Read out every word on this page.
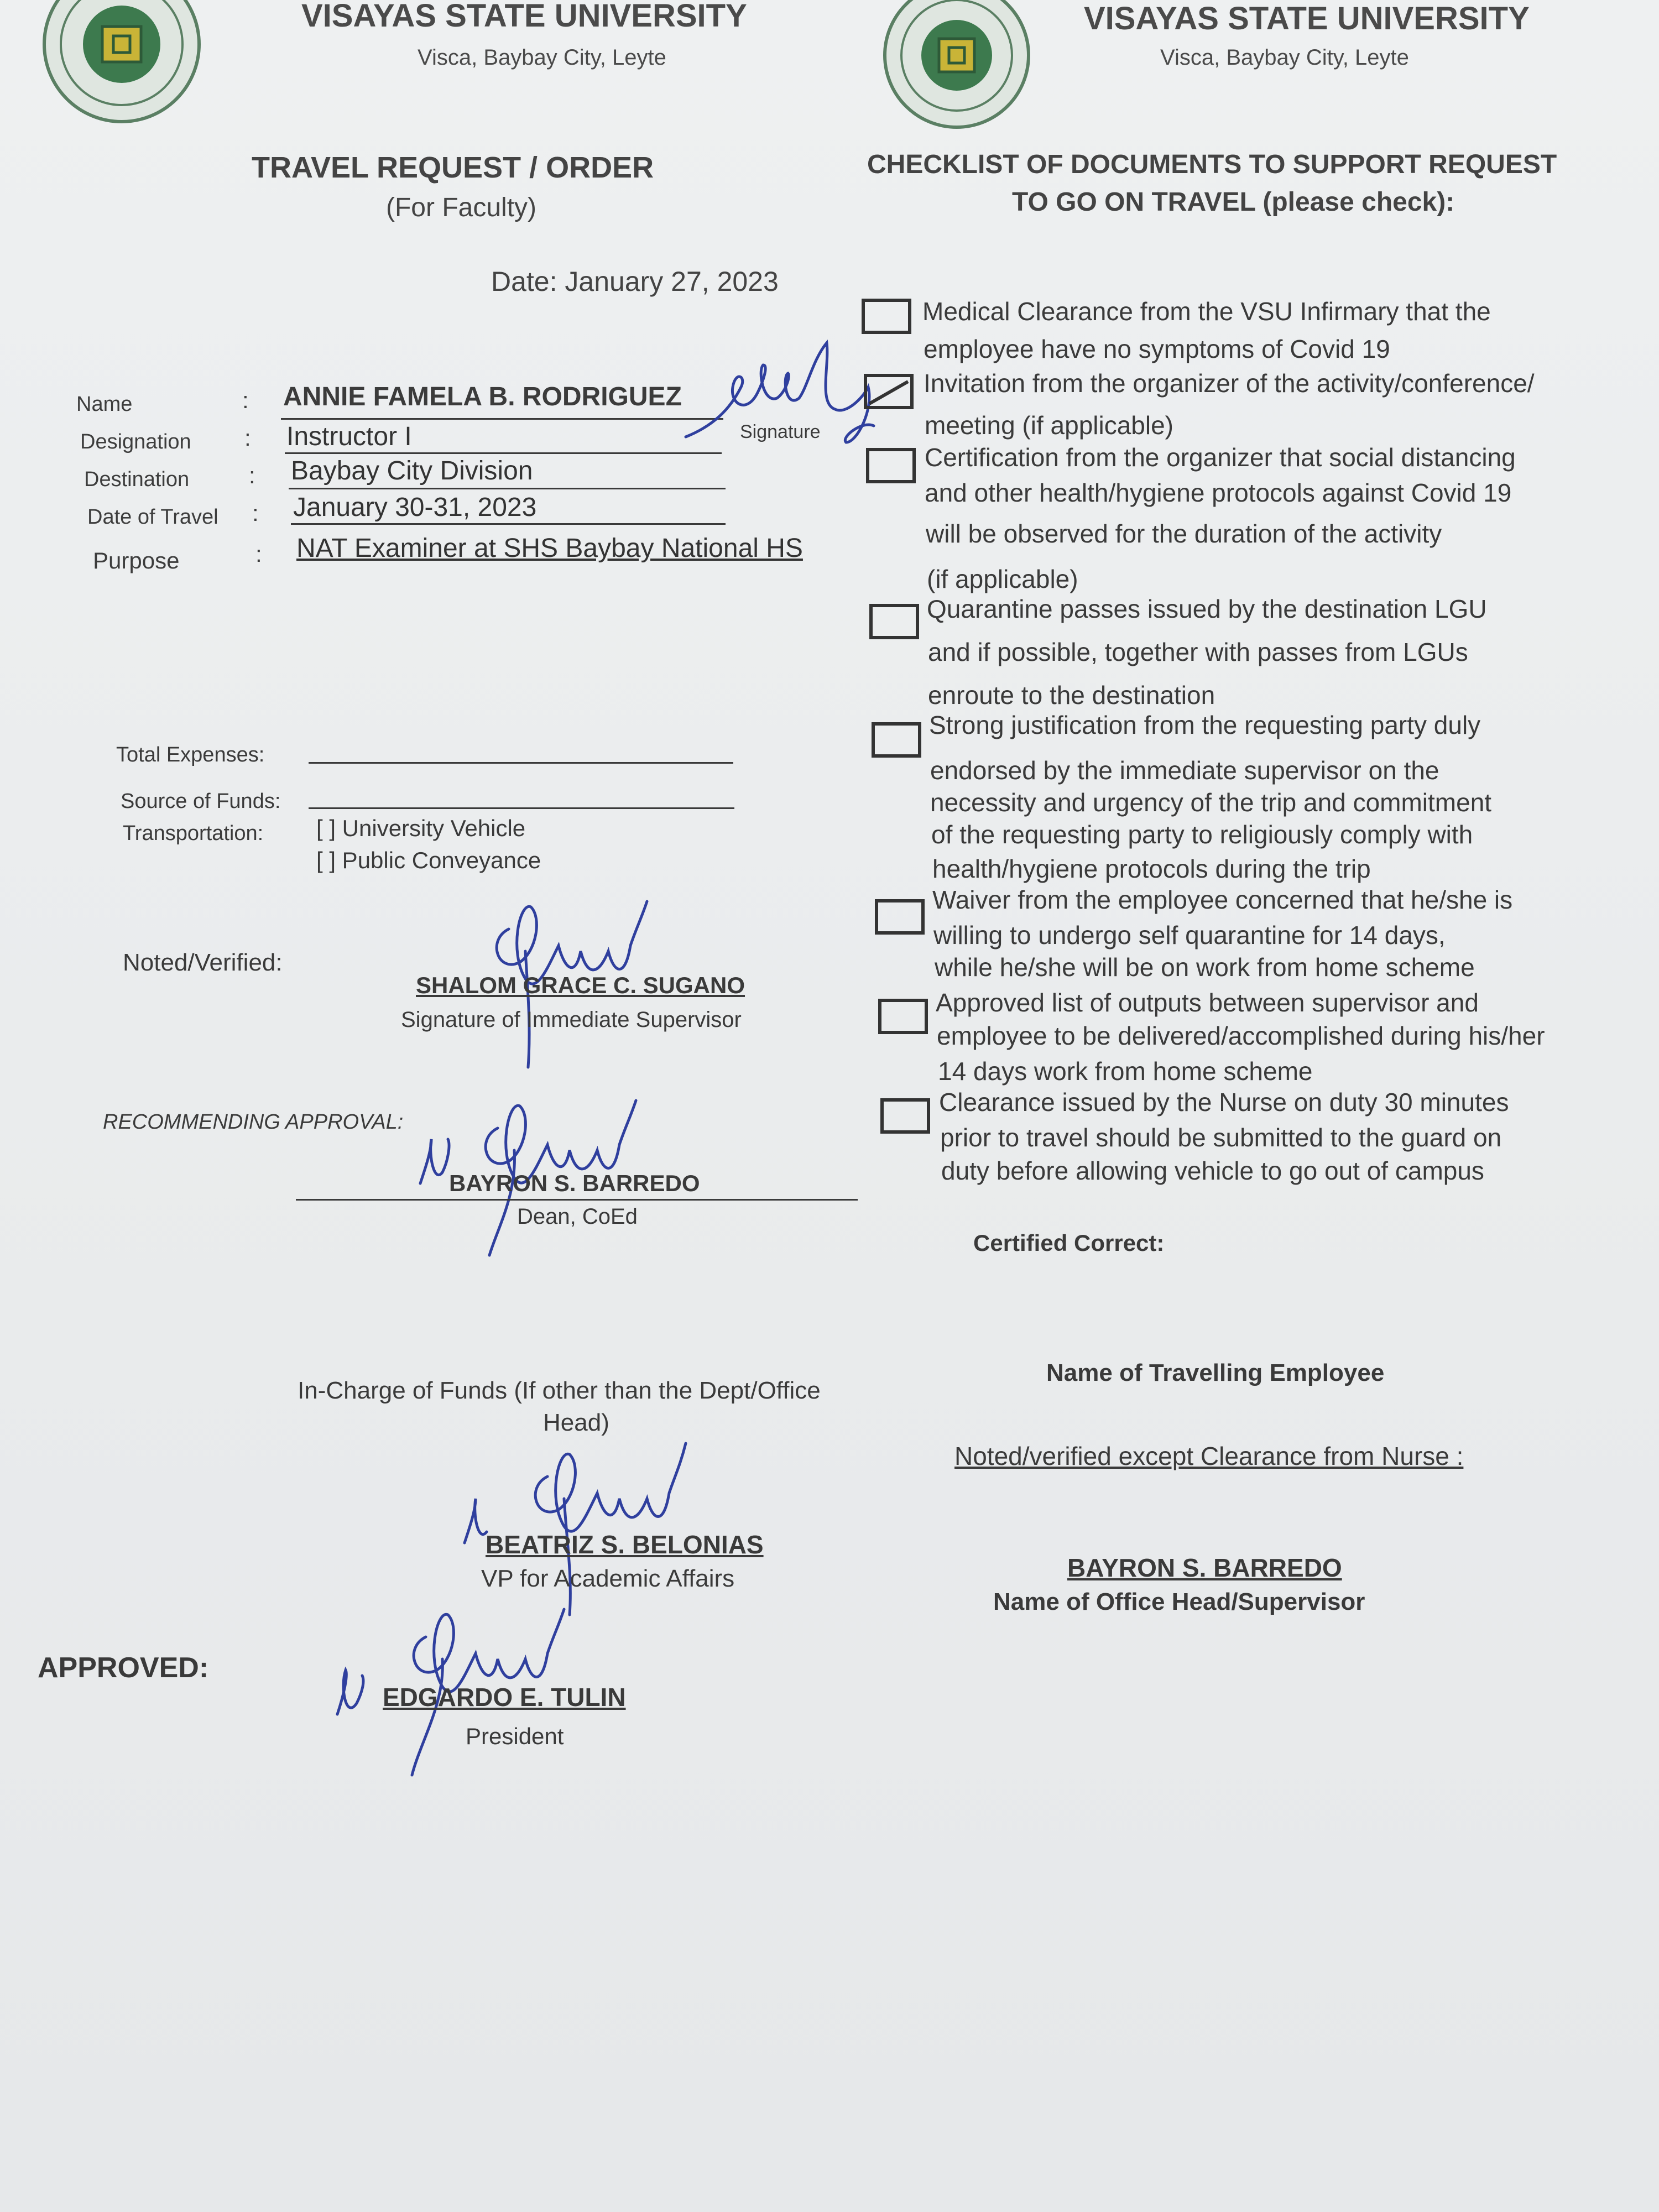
VISAYAS STATE UNIVERSITY
Visca, Baybay City, Leyte
VISAYAS STATE UNIVERSITY
Visca, Baybay City, Leyte
TRAVEL REQUEST / ORDER
(For Faculty)
Date: January 27, 2023
Name	: ANNIE FAMELA B. RODRIGUEZ
Designation : Instructor I
Destination	: Baybay City Division
Date of Travel : January 30-31, 2023
Purpose	: NAT Examiner at SHS Baybay National HS
Signature
Total Expenses:
Source of Funds:
Transportation: [ ] University Vehicle
[ ] Public Conveyance
Noted/Verified:
SHALOM GRACE C. SUGANO
Signature of Immediate Supervisor
RECOMMENDING APPROVAL:
BAYRON S. BARREDO
Dean, CoEd
In-Charge of Funds (If other than the Dept/Office
Head)
BEATRIZ S. BELONIAS
VP for Academic Affairs
APPROVED:
EDGARDO E. TULIN
President
CHECKLIST OF DOCUMENTS TO SUPPORT REQUEST
TO GO ON TRAVEL (please check):
Medical Clearance from the VSU Infirmary that the
employee have no symptoms of Covid 19
Invitation from the organizer of the activity/conference/
meeting (if applicable)
Certification from the organizer that social distancing
and other health/hygiene protocols against Covid 19
will be observed for the duration of the activity
(if applicable)
Quarantine passes issued by the destination LGU
and if possible, together with passes from LGUs
enroute to the destination
Strong justification from the requesting party duly
endorsed by the immediate supervisor on the
necessity and urgency of the trip and commitment
of the requesting party to religiously comply with
health/hygiene protocols during the trip
Waiver from the employee concerned that he/she is
willing to undergo self quarantine for 14 days,
while he/she will be on work from home scheme
Approved list of outputs between supervisor and
employee to be delivered/accomplished during his/her
14 days work from home scheme
Clearance issued by the Nurse on duty 30 minutes
prior to travel should be submitted to the guard on
duty before allowing vehicle to go out of campus
Certified Correct:
Name of Travelling Employee
Noted/verified except Clearance from Nurse :
BAYRON S. BARREDO
Name of Office Head/Supervisor
